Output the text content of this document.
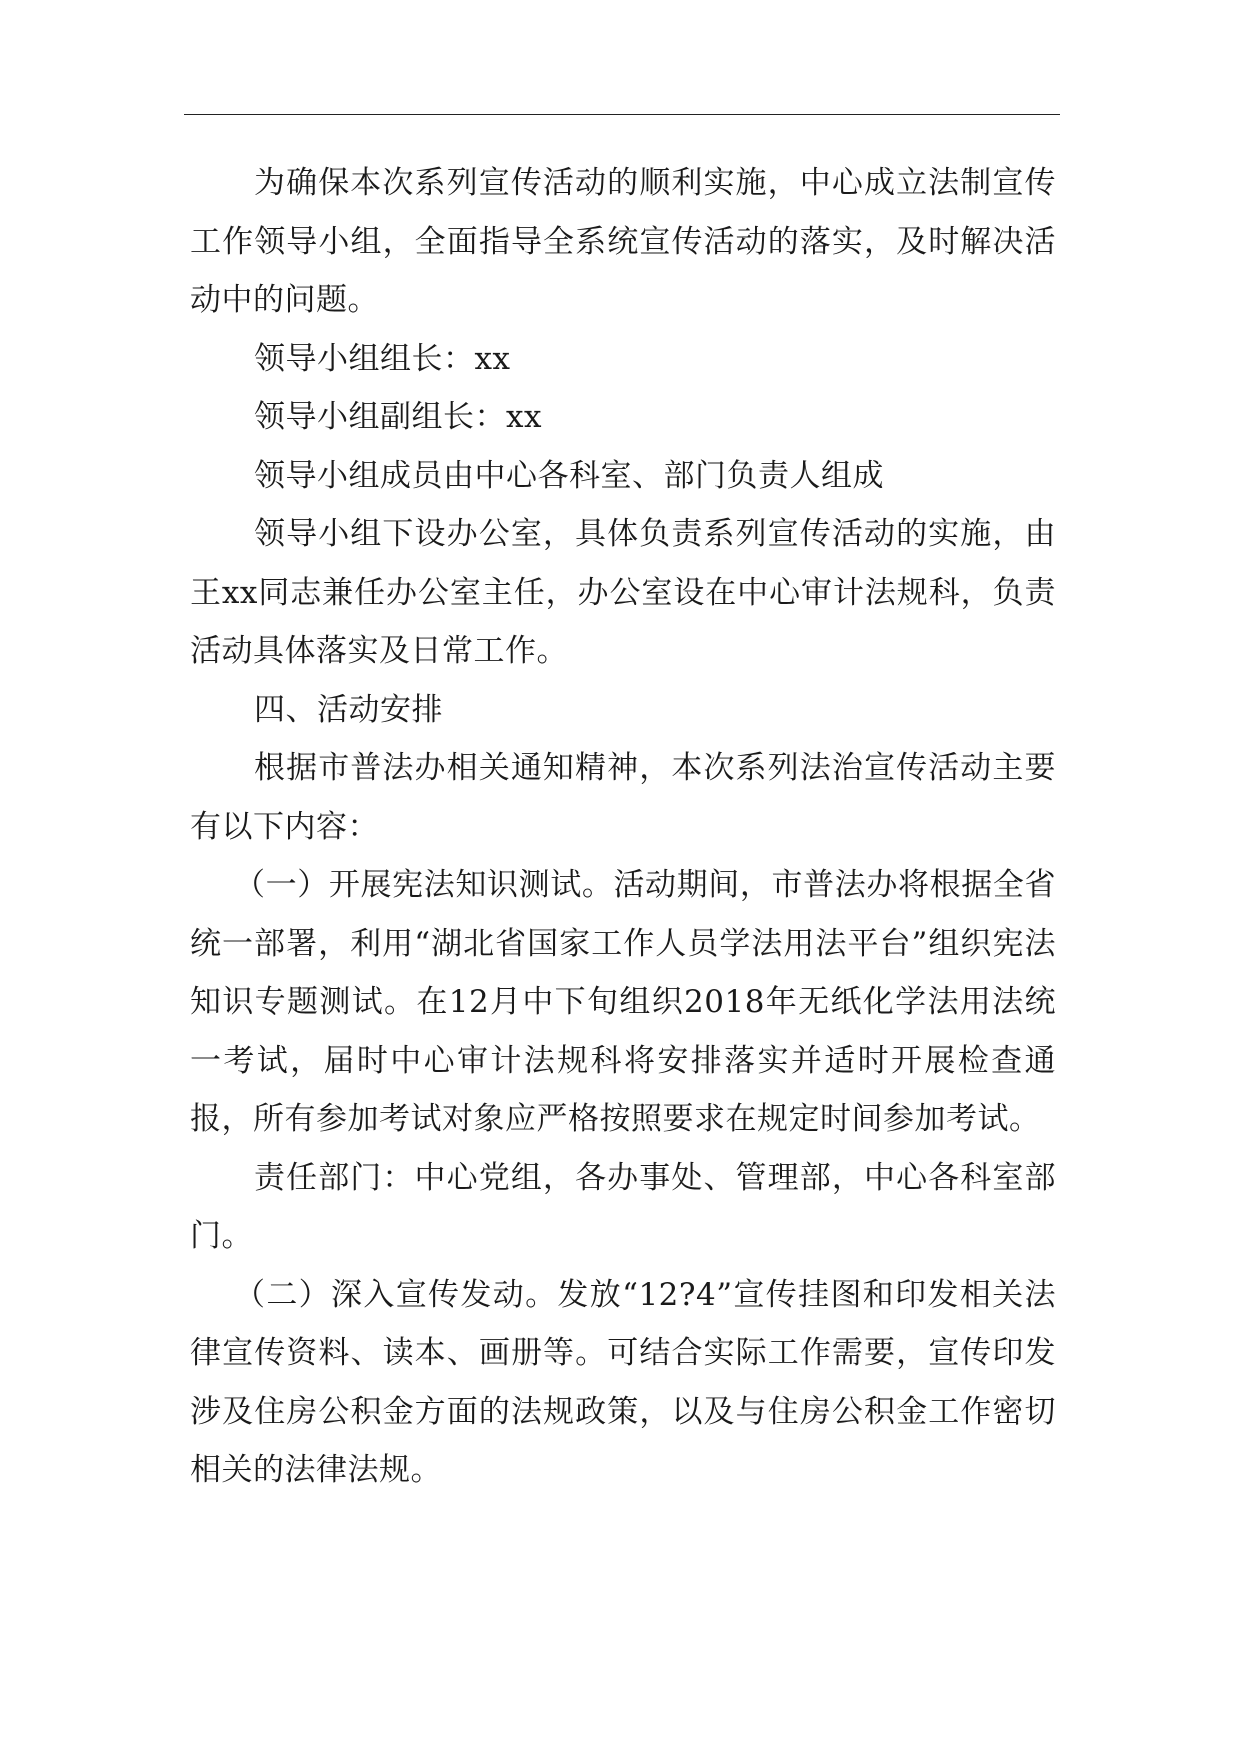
为确保本次系列宣传活动的顺利实施，中心成立法制宣传工作领导小组，全面指导全系统宣传活动的落实，及时解决活动中的问题。

领导小组组长：xx

领导小组副组长：xx

领导小组成员由中心各科室、部门负责人组成

领导小组下设办公室，具体负责系列宣传活动的实施，由王xx同志兼任办公室主任，办公室设在中心审计法规科，负责活动具体落实及日常工作。

四、活动安排

根据市普法办相关通知精神，本次系列法治宣传活动主要有以下内容：

（一）开展宪法知识测试。活动期间，市普法办将根据全省统一部署，利用“湖北省国家工作人员学法用法平台”组织宪法知识专题测试。在12月中下旬组织2018年无纸化学法用法统一考试，届时中心审计法规科将安排落实并适时开展检查通报，所有参加考试对象应严格按照要求在规定时间参加考试。

责任部门：中心党组，各办事处、管理部，中心各科室部门。

（二）深入宣传发动。发放“12?4”宣传挂图和印发相关法律宣传资料、读本、画册等。可结合实际工作需要，宣传印发涉及住房公积金方面的法规政策，以及与住房公积金工作密切相关的法律法规。
